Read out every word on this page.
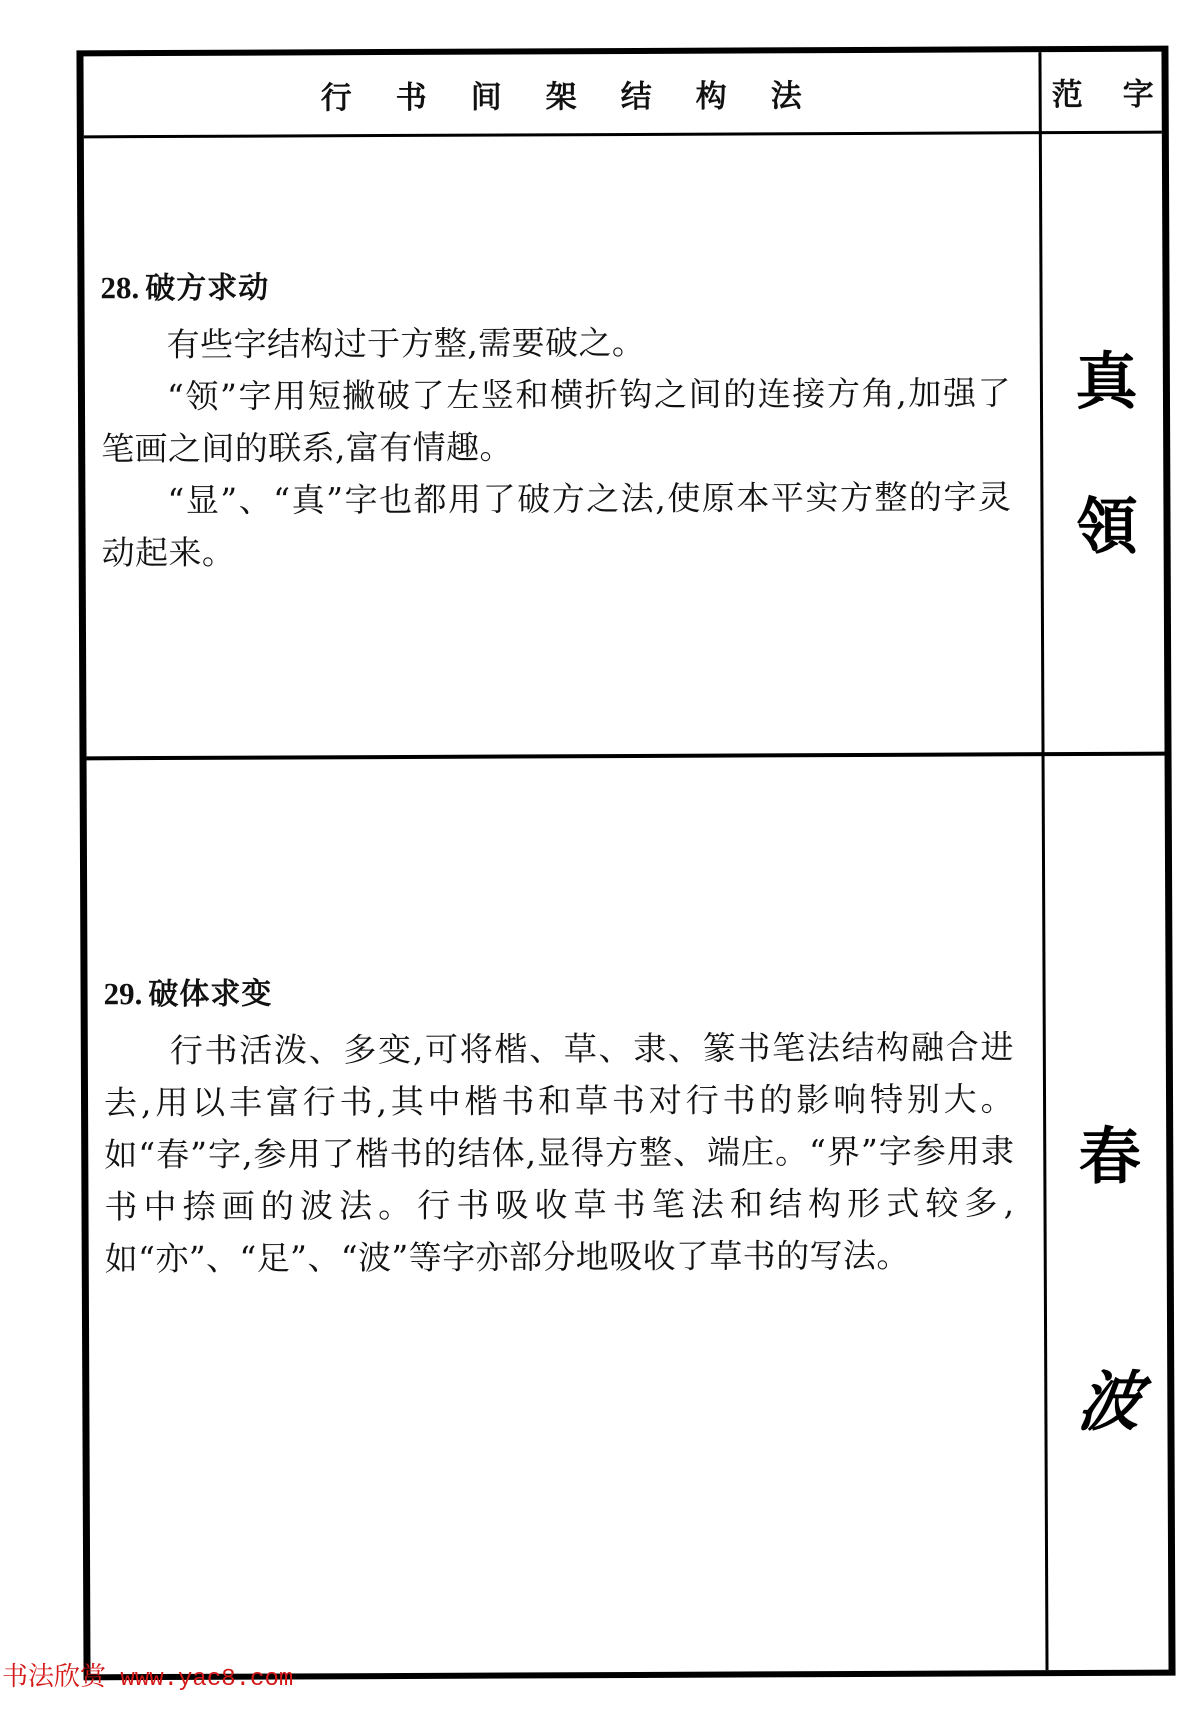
行书间架结构法	范 字
28. 破方求动

有些字结构过于方整,需要破之。

“领”字用短撇破了左竖和横折钩之间的连接方角,加强了笔画之间的联系,富有情趣。

“显”、“真”字也都用了破方之法,使原本平实方整的字灵动起来。

真
領
29. 破体求变

行书活泼、多变,可将楷、草、隶、篆书笔法结构融合进去,用以丰富行书,其中楷书和草书对行书的影响特别大。如“春”字,参用了楷书的结体,显得方整、端庄。“界”字参用隶书中捺画的波法。行书吸收草书笔法和结构形式较多,如“亦”、“足”、“波”等字亦部分地吸收了草书的写法。

春
波
书法欣赏 www.yac8.com
